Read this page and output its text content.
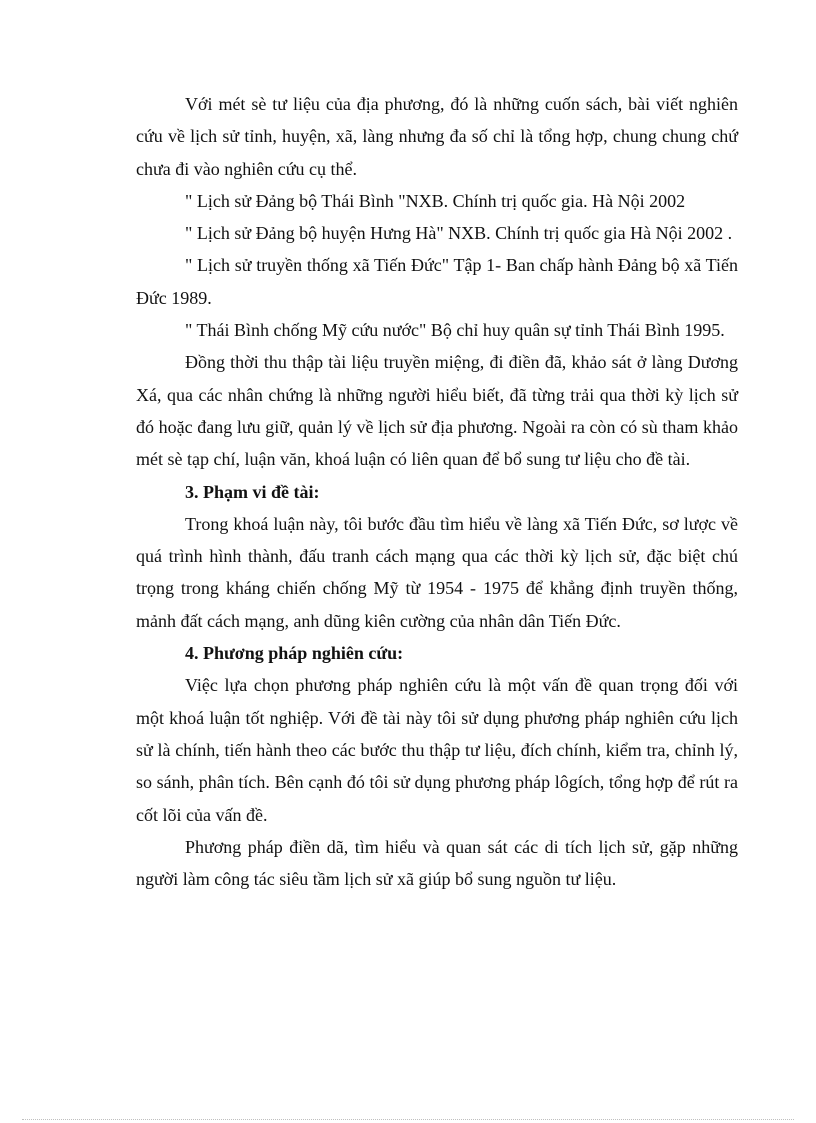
Với mét sè tư liệu của địa phương, đó là những cuốn sách, bài viết nghiên cứu về lịch sử tỉnh, huyện, xã, làng nhưng đa số chỉ là tổng hợp, chung chung chứ chưa đi vào nghiên cứu cụ thể.

" Lịch sử Đảng bộ Thái Bình "NXB. Chính trị quốc gia. Hà Nội 2002

" Lịch sử Đảng bộ huyện Hưng Hà" NXB. Chính trị quốc gia Hà Nội 2002 .

" Lịch sử truyền thống xã Tiến Đức" Tập 1- Ban chấp hành Đảng bộ xã Tiến Đức 1989.

" Thái Bình chống Mỹ cứu nước" Bộ chỉ huy quân sự tỉnh Thái Bình 1995.

Đồng thời thu thập tài liệu truyền miệng, đi điền đã, khảo sát ở làng Dương Xá, qua các nhân chứng là những người hiểu biết, đã từng trải qua thời kỳ lịch sử đó hoặc đang lưu giữ, quản lý về lịch sử địa phương. Ngoài ra còn có sù tham khảo mét sè tạp chí, luận văn, khoá luận có liên quan để bổ sung tư liệu cho đề tài.

3. Phạm vi đề tài:

Trong khoá luận này, tôi bước đầu tìm hiểu về làng xã Tiến Đức, sơ lược về quá trình hình thành, đấu tranh cách mạng qua các thời kỳ lịch sử, đặc biệt chú trọng trong kháng chiến chống Mỹ từ 1954 - 1975 để khẳng định truyền thống, mảnh đất cách mạng, anh dũng kiên cường của nhân dân Tiến Đức.

4. Phương pháp nghiên cứu:

Việc lựa chọn phương pháp nghiên cứu là một vấn đề quan trọng đối với một khoá luận tốt nghiệp. Với đề tài này tôi sử dụng phương pháp nghiên cứu lịch sử là chính, tiến hành theo các bước thu thập tư liệu, đích chính, kiểm tra, chỉnh lý, so sánh, phân tích. Bên cạnh đó tôi sử dụng phương pháp lôgích, tổng hợp để rút ra cốt lõi của vấn đề.

Phương pháp điền dã, tìm hiểu và quan sát các di tích lịch sử, gặp những người làm công tác siêu tầm lịch sử xã giúp bổ sung nguồn tư liệu.
